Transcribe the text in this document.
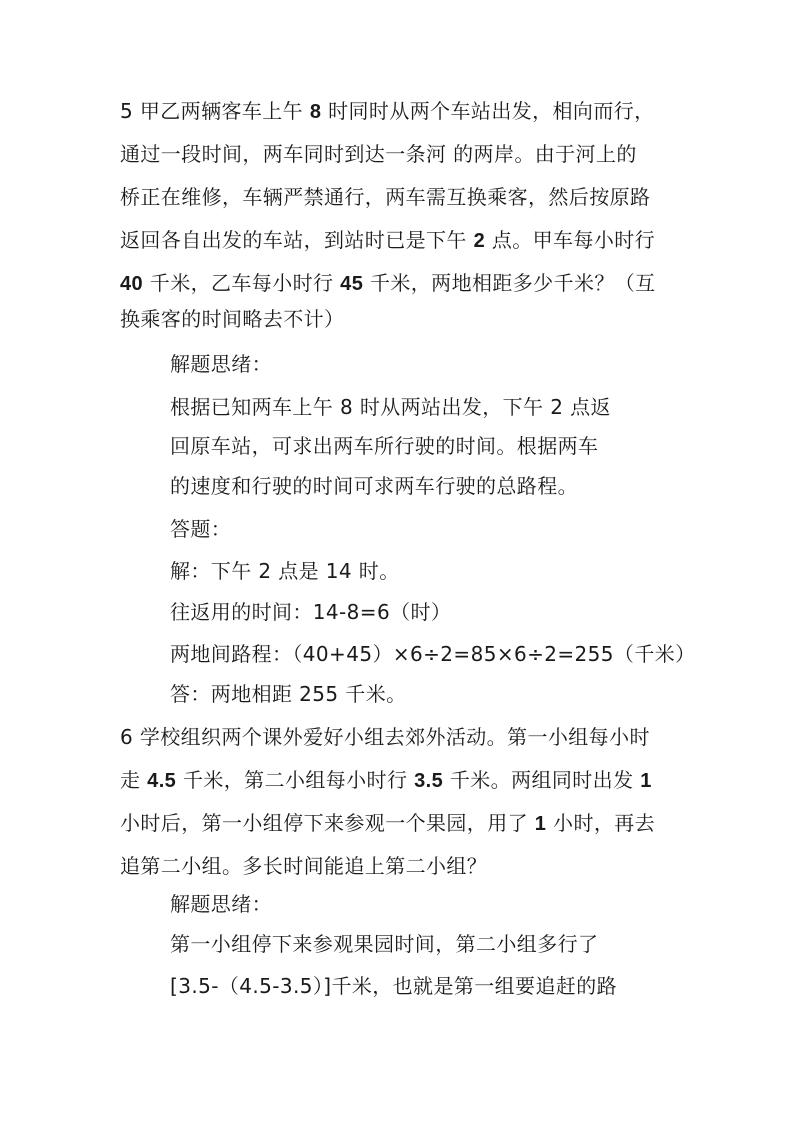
5 甲乙两辆客车上午 8 时同时从两个车站出发，相向而行，
通过一段时间，两车同时到达一条河 的两岸。由于河上的
桥正在维修，车辆严禁通行，两车需互换乘客，然后按原路
返回各自出发的车站，到站时已是下午 2 点。甲车每小时行
40 千米，乙车每小时行 45 千米，两地相距多少千米？（互
换乘客的时间略去不计）
解题思绪：
根据已知两车上午 8 时从两站出发，下午 2 点返
回原车站，可求出两车所行驶的时间。根据两车
的速度和行驶的时间可求两车行驶的总路程。
答题：
解：下午 2 点是 14 时。
往返用的时间：14-8=6（时）
两地间路程：（40+45）×6÷2=85×6÷2=255（千米）
答：两地相距 255 千米。
6 学校组织两个课外爱好小组去郊外活动。第一小组每小时
走 4.5 千米，第二小组每小时行 3.5 千米。两组同时出发 1
小时后，第一小组停下来参观一个果园，用了 1 小时，再去
追第二小组。多长时间能追上第二小组？
解题思绪：
第一小组停下来参观果园时间，第二小组多行了
[3.5-（4.5-3.5）]千米，也就是第一组要追赶的路
